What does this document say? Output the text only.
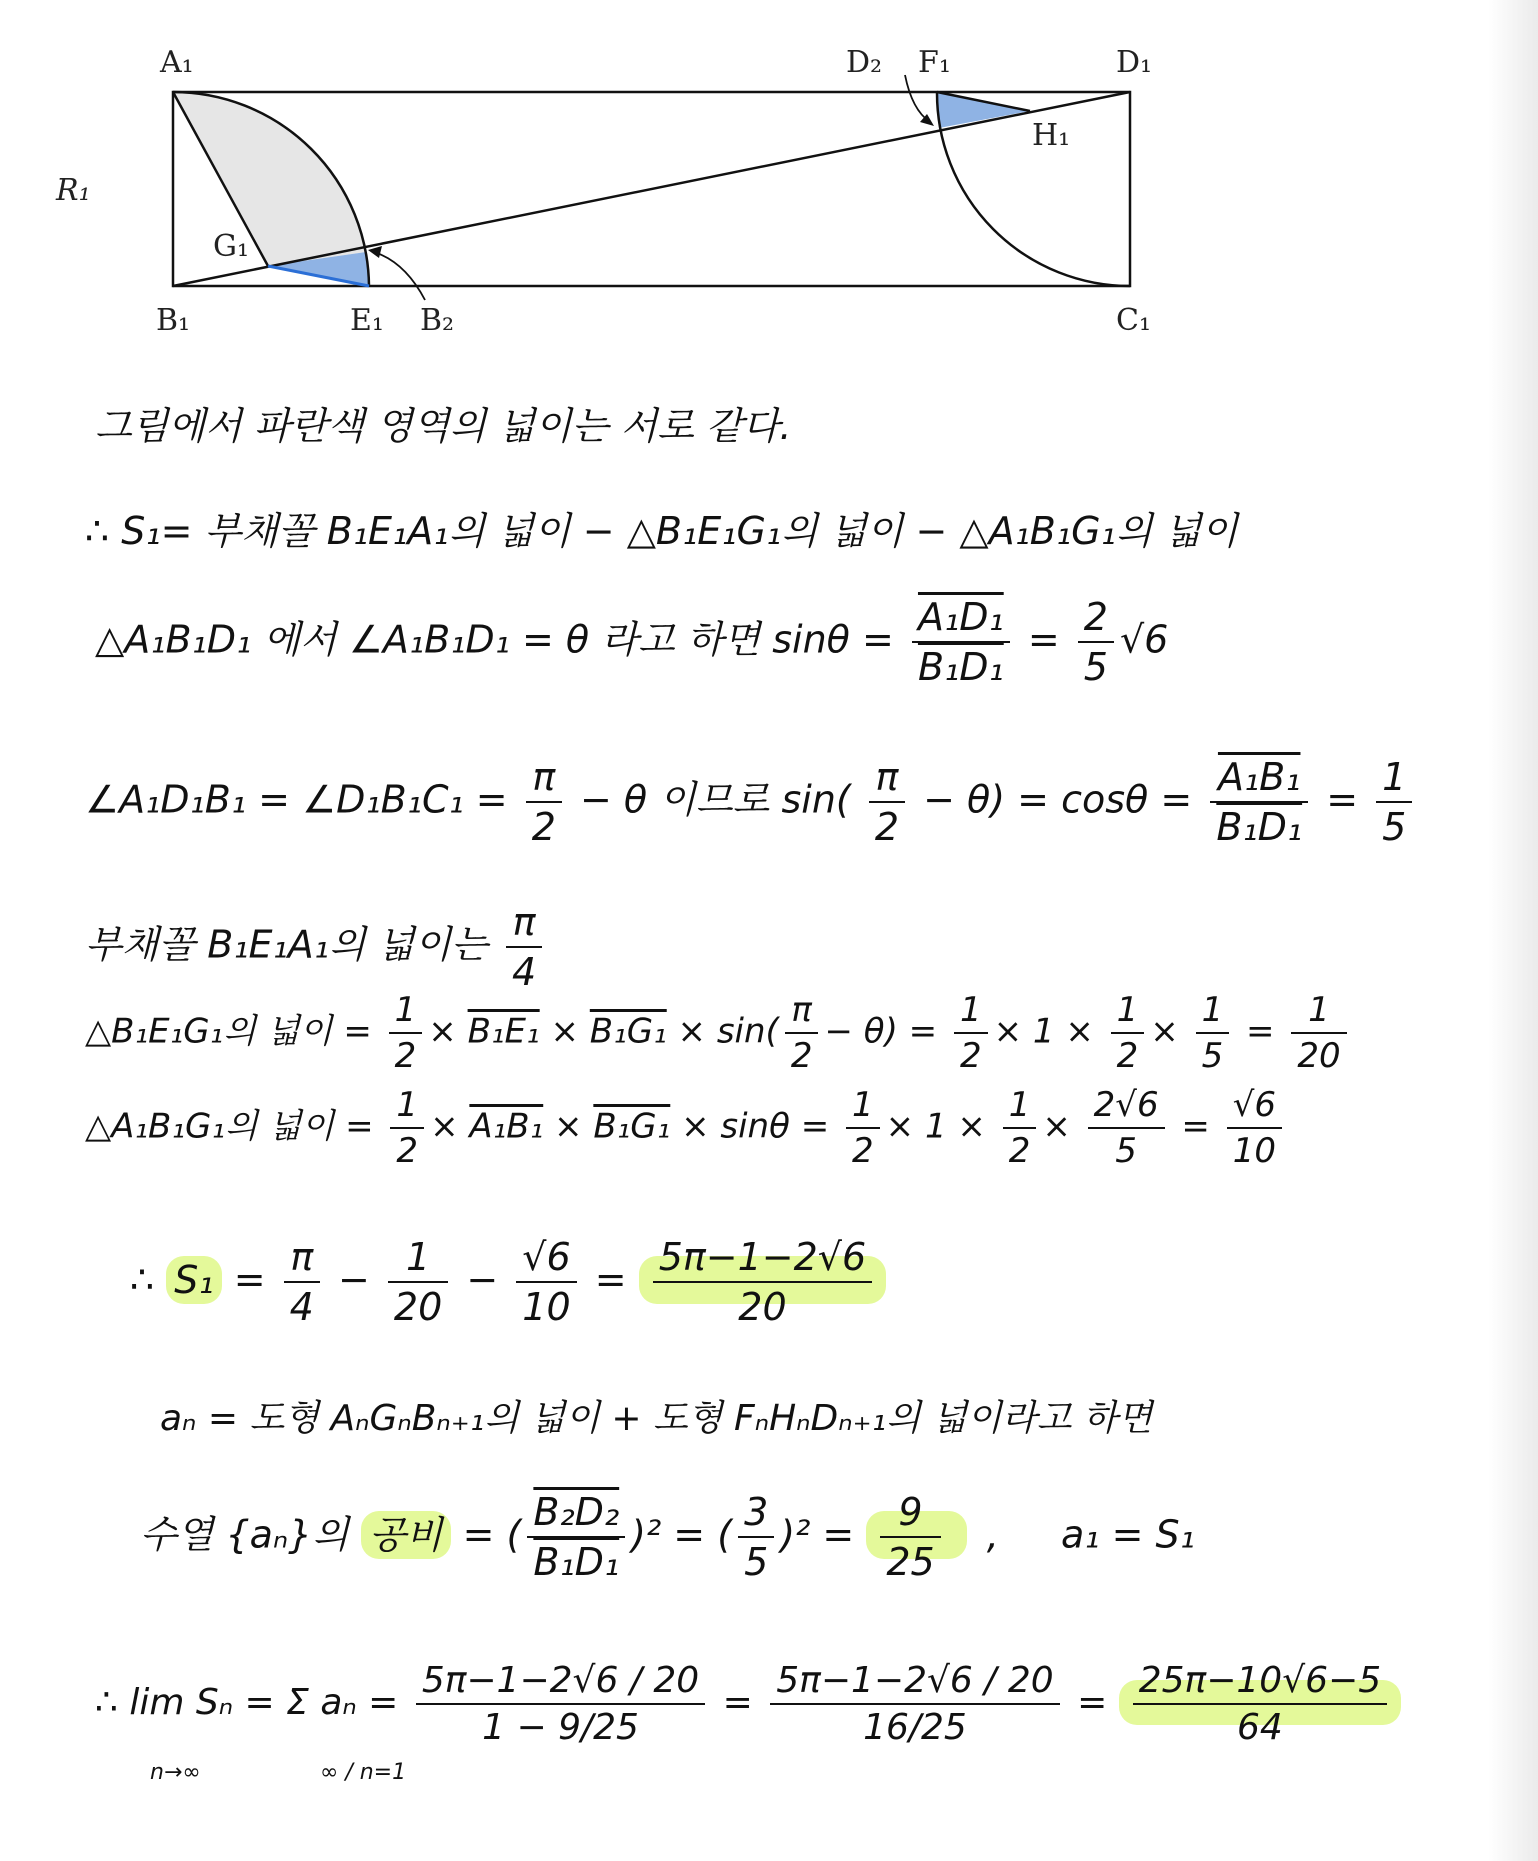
R₁
A₁
B₁	C₁
D₁
D₂ F₁
G₁
H₁
E₁ B₂
그림에서 파란색 영역의 넓이는 서로 같다.
∴ S₁= 부채꼴 B₁E₁A₁의 넓이 − △B₁E₁G₁의 넓이 − △A₁B₁G₁의 넓이
△A₁B₁D₁ 에서 ∠A₁B₁D₁ = θ 라고 하면 $\sin\theta = \frac{\text{A₁D₁}}{\text{B₁D₁}} = \frac{2}{5} √6$
∠A₁D₁B₁ = ∠D₁B₁C₁ = $\frac{\pi}{2} - \theta$ 이므로 $\sin( \frac{\pi}{2} - \theta) = \cos\theta = \frac{\text{A₁B₁}}{\text{B₁D₁}} = \frac{1}{5}$
부채꼴 B₁E₁A₁의 넓이는 $\frac{\pi}{4}$
△B₁E₁G₁의 넓이 = $\frac{1}{2} \times B_1E_1 \times B_1G_1 \times \sin( \frac{\pi}{2} - \theta) = \frac{1}{2} \times 1 \times \frac{1}{2} \times \frac{1}{5} = \frac{1}{20}$
△A₁B₁G₁의 넓이 = $\frac{1}{2} \times A_1B_1 \times B_1G_1 \times \sin\theta = \frac{1}{2} \times 1 \times \frac{1}{2} \times \frac{2√6}{5} = \frac{√6}{10}$
∴ $S_1 = \frac{\pi}{4} - \frac{1}{20} - \frac{√6}{10} = \frac{5\pi-1-2√6}{20}$
aₙ = 도형 AₙGₙBₙ₊₁의 넓이 + 도형 FₙHₙDₙ₊₁의 넓이라고 하면
수열 {aₙ}의 공비 = ( $\frac{\text{B₂D₂}}{\text{B₁D₁}} )^2$ = ( $\frac{3}{5} )^2 = \frac{9}{25}$ , a₁ = S₁
∴ lim Sₙ = Σ $a_n = \frac{5\pi-1-2√6 / 20}{1 - 9/25} = \frac{5\pi-1-2√6 / 20}{16/25} = \frac{25\pi-10√6-5}{64}$
n→∞	∞ / n=1
